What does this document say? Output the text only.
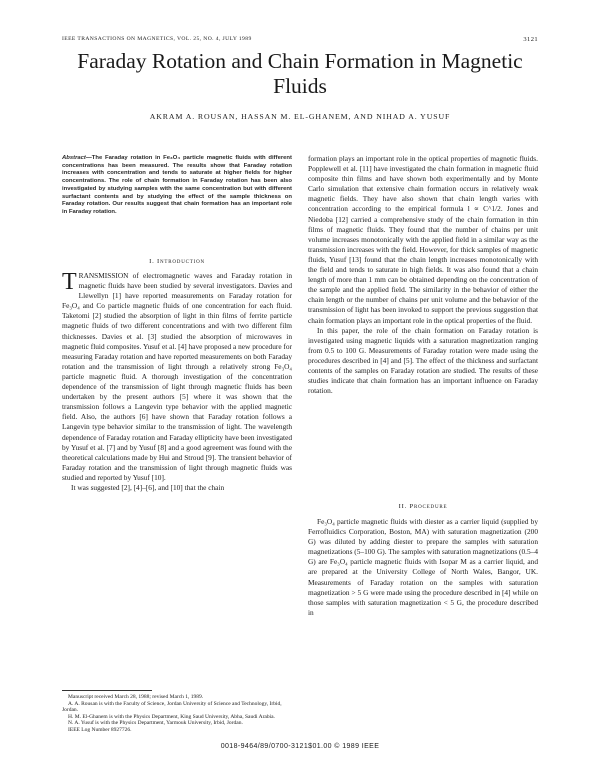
IEEE TRANSACTIONS ON MAGNETICS, VOL. 25, NO. 4, JULY 1989	3121
Faraday Rotation and Chain Formation in Magnetic Fluids
AKRAM A. ROUSAN, HASSAN M. EL-GHANEM, AND NIHAD A. YUSUF
Abstract—The Faraday rotation in Fe₃O₄ particle magnetic fluids with different concentrations has been measured. The results show that Faraday rotation increases with concentration and tends to saturate at higher fields for higher concentrations. The role of chain formation in Faraday rotation has been also investigated by studying samples with the same concentration but with different surfactant contents and by studying the effect of the sample thickness on Faraday rotation. Our results suggest that chain formation has an important role in Faraday rotation.
I. Introduction

TRANSMISSION of electromagnetic waves and Faraday rotation in magnetic fluids have been studied by several investigators. Davies and Llewellyn [1] have reported measurements on Faraday rotation for Fe₃O₄ and Co particle magnetic fluids of one concentration for each fluid. Taketomi [2] studied the absorption of light in thin films of ferrite particle magnetic fluids of two different concentrations and with two different film thicknesses. Davies et al. [3] studied the absorption of microwaves in magnetic fluid composites. Yusuf et al. [4] have proposed a new procedure for measuring Faraday rotation and have reported measurements on both Faraday rotation and the transmission of light through a relatively strong Fe₃O₄ particle magnetic fluid. A thorough investigation of the concentration dependence of the transmission of light through magnetic fluids has been undertaken by the present authors [5] where it was shown that the transmission follows a Langevin type behavior with the applied magnetic field. Also, the authors [6] have shown that Faraday rotation follows a Langevin type behavior similar to the transmission of light. The wavelength dependence of Faraday rotation and Faraday ellipticity have been investigated by Yusuf et al. [7] and by Yusuf [8] and a good agreement was found with the theoretical calculations made by Hui and Stroud [9]. The transient behavior of Faraday rotation and the transmission of light through magnetic fluids was studied and reported by Yusuf [10].

It was suggested [2], [4]–[6], and [10] that the chain

Manuscript received March 28, 1988; revised March 1, 1989.

A. A. Rousan is with the Faculty of Science, Jordan University of Science and Technology, Irbid, Jordan.

H. M. El-Ghanem is with the Physics Department, King Saud University, Abha, Saudi Arabia.

N. A. Yusuf is with the Physics Department, Yarmouk University, Irbid, Jordan.

IEEE Log Number 8927726.

formation plays an important role in the optical properties of magnetic fluids. Popplewell et al. [11] have investigated the chain formation in magnetic fluid composite thin films and have shown both experimentally and by Monte Carlo simulation that extensive chain formation occurs in relatively weak magnetic fields. They have also shown that chain length varies with concentration according to the empirical formula l ∝ C^1/2. Jones and Niedoba [12] carried a comprehensive study of the chain formation in thin films of magnetic fluids. They found that the number of chains per unit volume increases monotonically with the applied field in a similar way as the transmission increases with the field. However, for thick samples of magnetic fluids, Yusuf [13] found that the chain length increases monotonically with the field and tends to saturate in high fields. It was also found that a chain length of more than 1 mm can be obtained depending on the concentration of the sample and the applied field. The similarity in the behavior of either the chain length or the number of chains per unit volume and the behavior of the transmission of light has been invoked to support the previous suggestion that chain formation plays an important role in the optical properties of the fluid.

In this paper, the role of the chain formation on Faraday rotation is investigated using magnetic liquids with a saturation magnetization ranging from 0.5 to 100 G. Measurements of Faraday rotation were made using the procedures described in [4] and [5]. The effect of the thickness and surfactant contents of the samples on Faraday rotation are studied. The results of these studies indicate that chain formation has an important influence on Faraday rotation.

II. Procedure

Fe₃O₄ particle magnetic fluids with diester as a carrier liquid (supplied by Ferrofluidics Corporation, Boston, MA) with saturation magnetization (200 G) was diluted by adding diester to prepare the samples with saturation magnetizations (5–100 G). The samples with saturation magnetizations (0.5–4 G) are Fe₃O₄ particle magnetic fluids with Isopar M as a carrier liquid, and are prepared at the University College of North Wales, Bangor, UK. Measurements of Faraday rotation on the samples with saturation magnetization > 5 G were made using the procedure described in [4] while on those samples with saturation magnetization < 5 G, the procedure described in

0018-9464/89/0700-3121$01.00 © 1989 IEEE
